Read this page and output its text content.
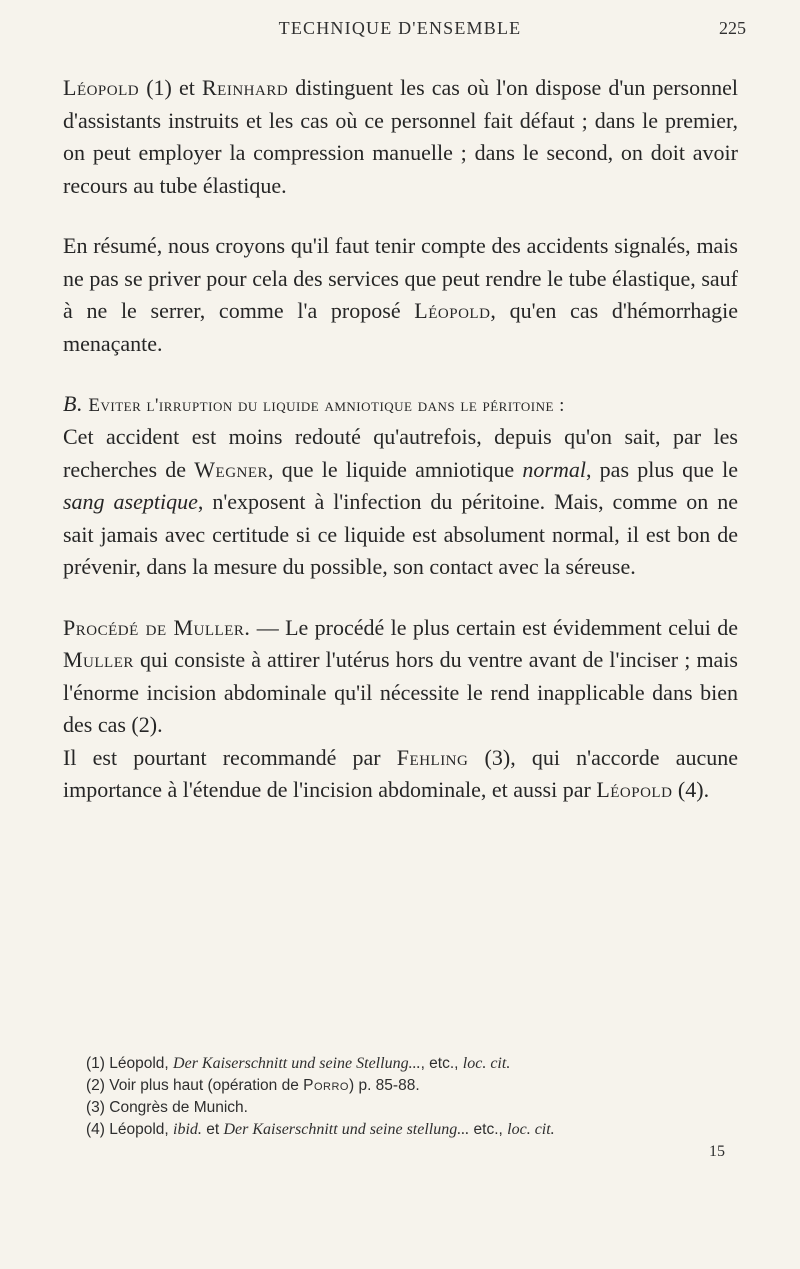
TECHNIQUE D'ENSEMBLE	225

Léopold (1) et Reinhard distinguent les cas où l'on dispose d'un personnel d'assistants instruits et les cas où ce personnel fait défaut ; dans le premier, on peut employer la compression manuelle ; dans le second, on doit avoir recours au tube élastique.

En résumé, nous croyons qu'il faut tenir compte des accidents signalés, mais ne pas se priver pour cela des services que peut rendre le tube élastique, sauf à ne le serrer, comme l'a proposé Léopold, qu'en cas d'hémorrhagie menaçante.

B. Eviter l'irruption du liquide amniotique dans le péritoine :

Cet accident est moins redouté qu'autrefois, depuis qu'on sait, par les recherches de Wegner, que le liquide amniotique normal, pas plus que le sang aseptique, n'exposent à l'infection du péritoine. Mais, comme on ne sait jamais avec certitude si ce liquide est absolument normal, il est bon de prévenir, dans la mesure du possible, son contact avec la séreuse.

Procédé de Muller. — Le procédé le plus certain est évidemment celui de Muller qui consiste à attirer l'utérus hors du ventre avant de l'inciser ; mais l'énorme incision abdominale qu'il nécessite le rend inapplicable dans bien des cas (2).

Il est pourtant recommandé par Fehling (3), qui n'accorde aucune importance à l'étendue de l'incision abdominale, et aussi par Léopold (4).

(1) Léopold, Der Kaiserschnitt und seine Stellung..., etc., loc. cit.
(2) Voir plus haut (opération de Porro) p. 85-88.
(3) Congrès de Munich.
(4) Léopold, ibid. et Der Kaiserschnitt und seine stellung... etc., loc. cit.
15
